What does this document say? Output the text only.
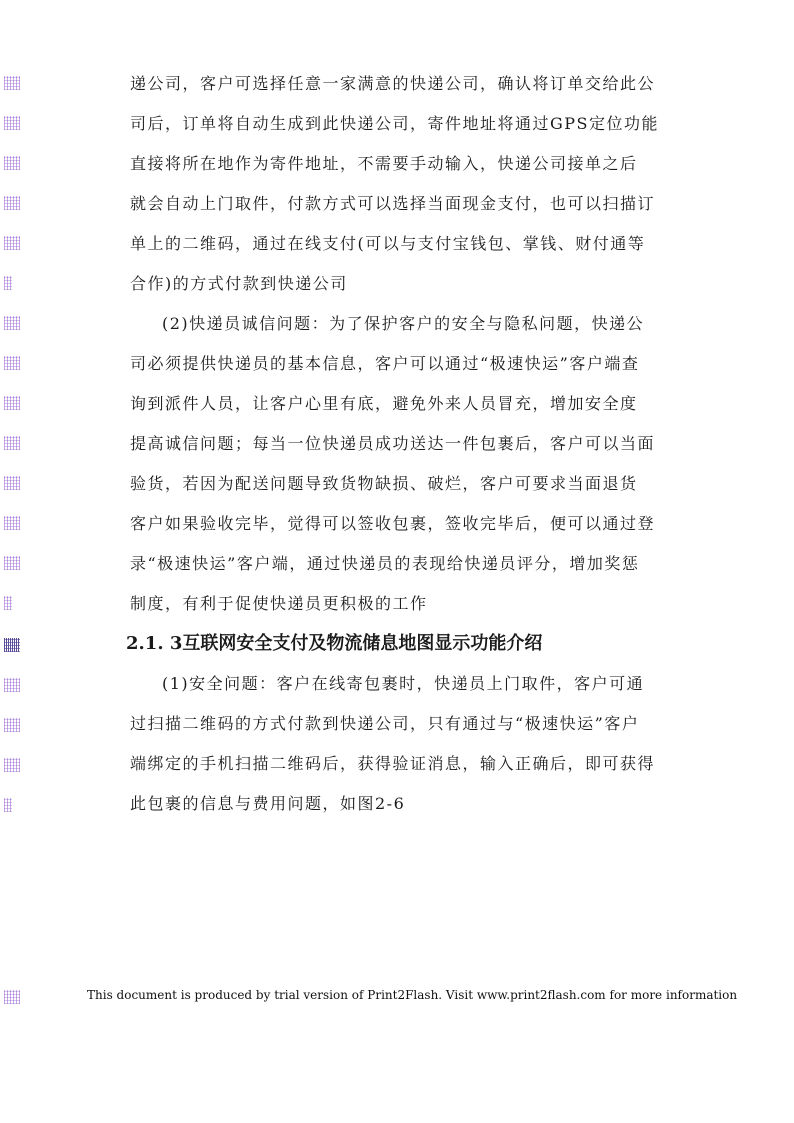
递公司，客户可选择任意一家满意的快递公司，确认将订单交给此公
司后，订单将自动生成到此快递公司，寄件地址将通过GPS定位功能
直接将所在地作为寄件地址，不需要手动输入，快递公司接单之后
就会自动上门取件，付款方式可以选择当面现金支付，也可以扫描订
单上的二维码，通过在线支付(可以与支付宝钱包、掌钱、财付通等
合作)的方式付款到快递公司
(2)快递员诚信问题：为了保护客户的安全与隐私问题，快递公
司必须提供快递员的基本信息，客户可以通过“极速快运”客户端查
询到派件人员，让客户心里有底，避免外来人员冒充，增加安全度
提高诚信问题；每当一位快递员成功送达一件包裹后，客户可以当面
验货，若因为配送问题导致货物缺损、破烂，客户可要求当面退货
客户如果验收完毕，觉得可以签收包裹，签收完毕后，便可以通过登
录“极速快运”客户端，通过快递员的表现给快递员评分，增加奖惩
制度，有利于促使快递员更积极的工作
2.1. 3互联网安全支付及物流储息地图显示功能介绍
(1)安全问题：客户在线寄包裹时，快递员上门取件，客户可通
过扫描二维码的方式付款到快递公司，只有通过与“极速快运”客户
端绑定的手机扫描二维码后，获得验证消息，输入正确后，即可获得
此包裹的信息与费用问题，如图2-6
This document is produced by trial version of Print2Flash. Visit www.print2flash.com for more information
